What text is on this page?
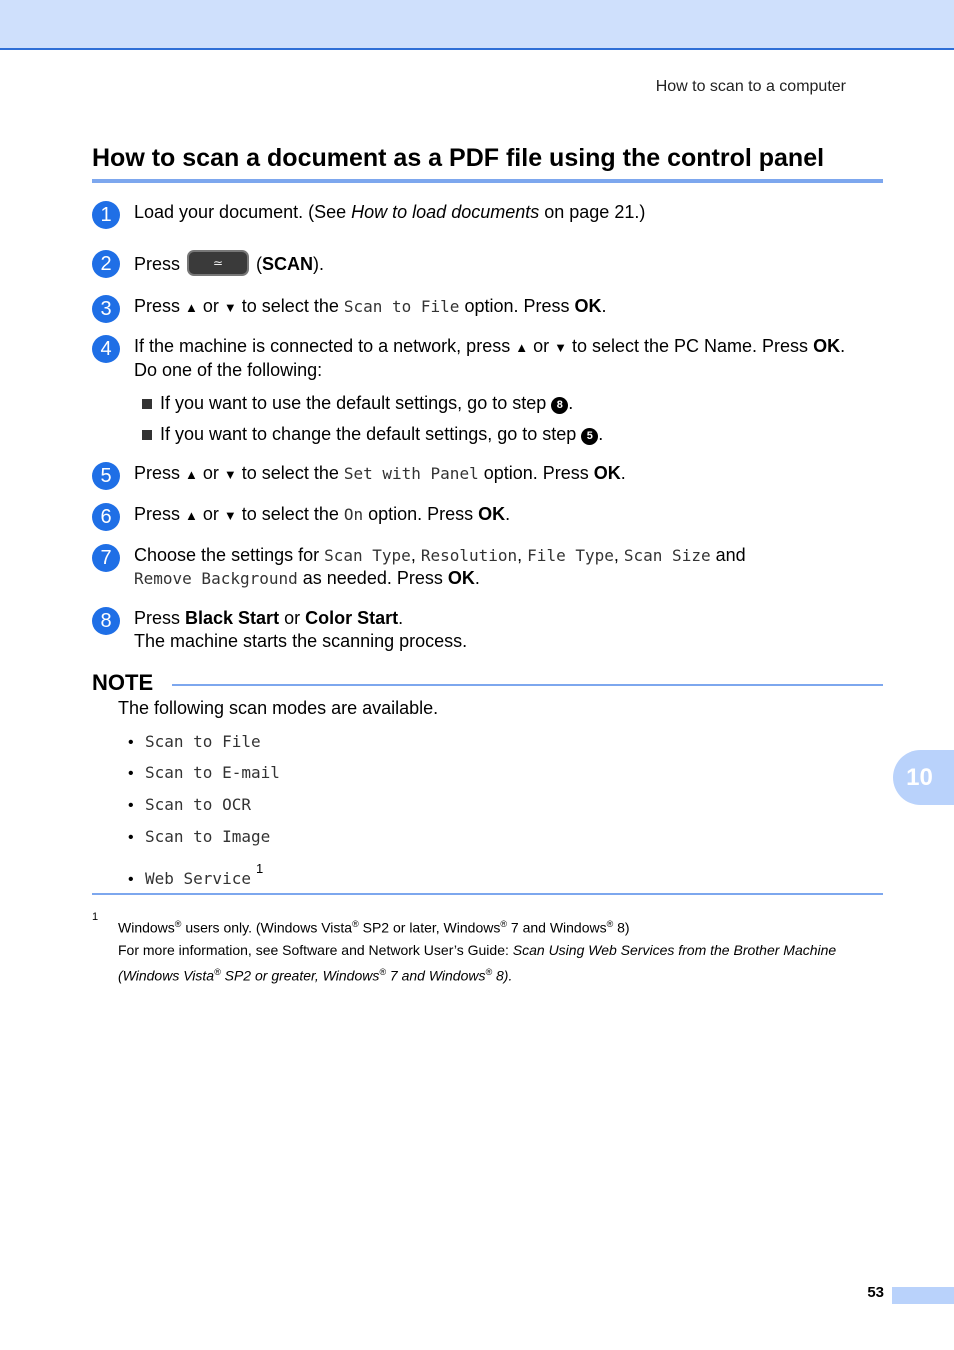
How to scan to a computer
How to scan a document as a PDF file using the control panel
1	Load your document. (See How to load documents on page 21.)
2	Press ≃ (SCAN).
3	Press ▲ or ▼ to select the Scan to File option. Press OK.
4	If the machine is connected to a network, press ▲ or ▼ to select the PC Name. Press OK.
Do one of the following:
If you want to use the default settings, go to step 8 .
If you want to change the default settings, go to step 5 .
5	Press ▲ or ▼ to select the Set with Panel option. Press OK.
6	Press ▲ or ▼ to select the On option. Press OK.
7	Choose the settings for Scan Type, Resolution, File Type, Scan Size and
Remove Background as needed. Press OK.
8	Press Black Start or Color Start.
The machine starts the scanning process.
NOTE
The following scan modes are available.
• Scan to File
• Scan to E-mail
• Scan to OCR
• Scan to Image
• Web Service $^1$
1
Windows® users only. (Windows Vista® SP2 or later, Windows® 7 and Windows® 8)
For more information, see Software and Network User’s Guide: Scan Using Web Services from the Brother Machine
(Windows Vista® SP2 or greater, Windows® 7 and Windows® 8).
10
53
